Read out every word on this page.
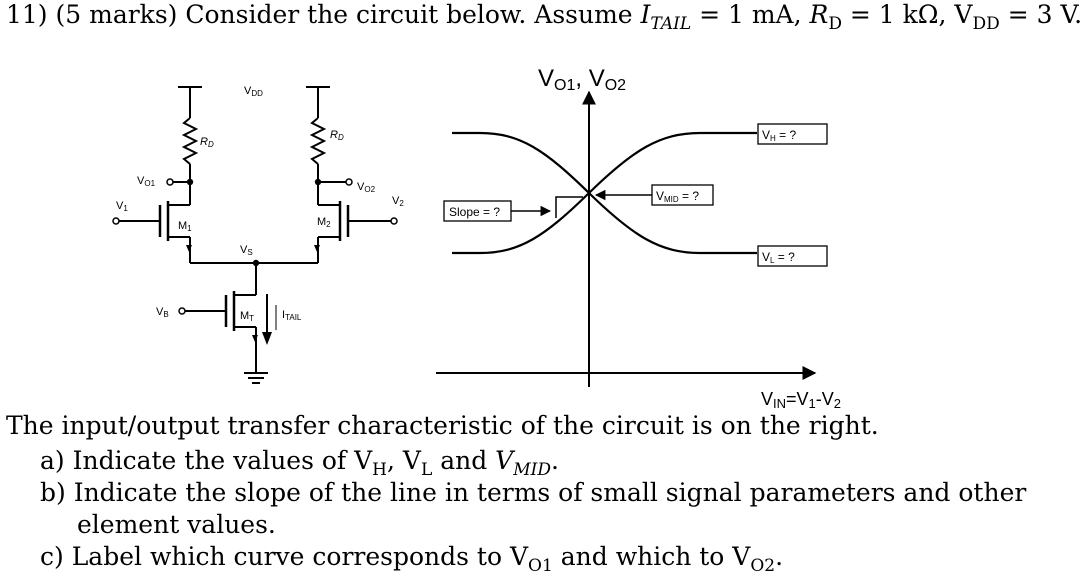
11) (5 marks) Consider the circuit below. Assume $I_{TAIL} = 1$ mA, $R_D = 1$ kΩ, $V_{DD} = 3$ V.
VDD
RD
RD
VO1	VO2
V1
V2
M1
M2
VS
VB	MT	ITAIL
VH = ?
VL = ?
VMID = ?
Slope = ?
VO1, VO2
VIN=V1-V2
The input/output transfer characteristic of the circuit is on the right.
a) Indicate the values of $V_H$, $V_L$ and $V_{MID}$.
b) Indicate the slope of the line in terms of small signal parameters and other
element values.
c) Label which curve corresponds to $V_{O1}$ and which to $V_{O2}$.
